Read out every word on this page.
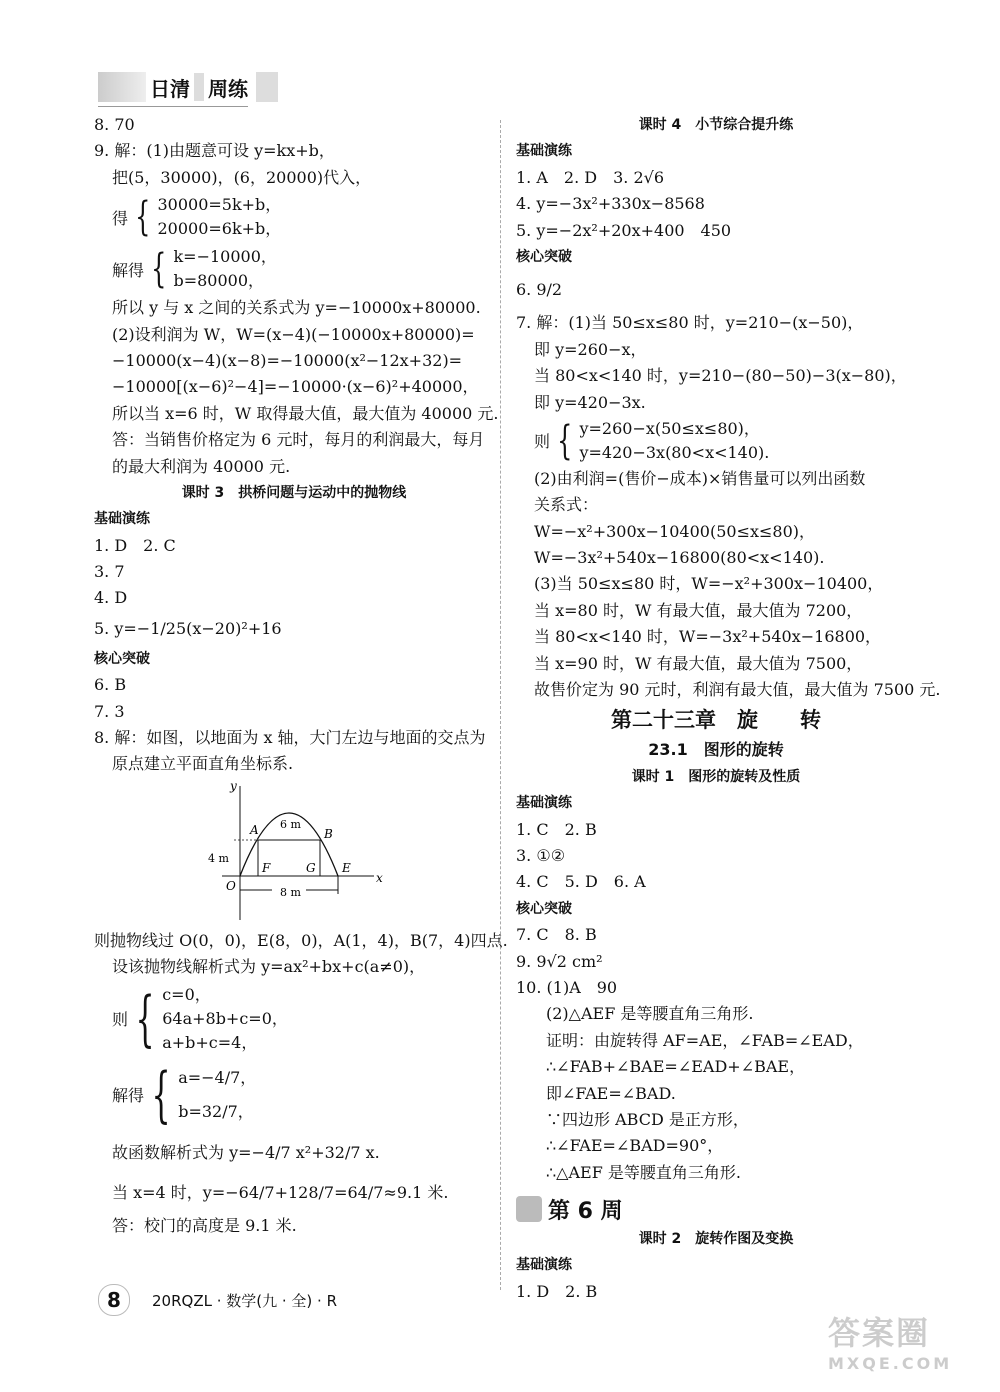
日清 周练
8. 70
9. 解：(1)由题意可设 y=kx+b，
把(5，30000)，(6，20000)代入，
得 { 30000=5k+b，
20000=6k+b，
解得 { k=−10000，
b=80000，
所以 y 与 x 之间的关系式为 y=−10000x+80000.
(2)设利润为 W，W=(x−4)(−10000x+80000)=
−10000(x−4)(x−8)=−10000(x²−12x+32)=
−10000[(x−6)²−4]=−10000·(x−6)²+40000，
所以当 x=6 时，W 取得最大值，最大值为 40000 元.
答：当销售价格定为 6 元时，每月的利润最大，每月
的最大利润为 40000 元.
课时 3　拱桥问题与运动中的抛物线
基础演练
1. D　2. C
3. 7
4. D
5. y=−1/25(x−20)²+16
核心突破
6. B
7. 3
8. 解：如图，以地面为 x 轴，大门左边与地面的交点为
原点建立平面直角坐标系.
y
x
O
A	B
F	G E
6 m
4 m
8 m
则抛物线过 O(0，0)，E(8，0)，A(1，4)，B(7，4)四点.
设该抛物线解析式为 y=ax²+bx+c(a≠0)，
则 { c=0，
64a+8b+c=0，
a+b+c=4，
解得 { a=−4/7，
b=32/7，
故函数解析式为 y=−4/7 x²+32/7 x.
当 x=4 时，y=−64/7+128/7=64/7≈9.1 米.
答：校门的高度是 9.1 米.
课时 4　小节综合提升练
基础演练
1. A　2. D　3. 2√6
4. y=−3x²+330x−8568
5. y=−2x²+20x+400　450
核心突破
6. 9/2
7. 解：(1)当 50≤x≤80 时，y=210−(x−50)，
即 y=260−x，
当 80<x<140 时，y=210−(80−50)−3(x−80)，
即 y=420−3x.
则 { y=260−x(50≤x≤80)，
y=420−3x(80<x<140).
(2)由利润=(售价−成本)×销售量可以列出函数
关系式：
W=−x²+300x−10400(50≤x≤80)，
W=−3x²+540x−16800(80<x<140).
(3)当 50≤x≤80 时，W=−x²+300x−10400，
当 x=80 时，W 有最大值，最大值为 7200，
当 80<x<140 时，W=−3x²+540x−16800，
当 x=90 时，W 有最大值，最大值为 7500，
故售价定为 90 元时，利润有最大值，最大值为 7500 元.
第二十三章　旋　　转
23.1　图形的旋转
课时 1　图形的旋转及性质
基础演练
1. C　2. B
3. ①②
4. C　5. D　6. A
核心突破
7. C　8. B
9. 9√2 cm²
10. (1)A　90
(2)△AEF 是等腰直角三角形.
证明：由旋转得 AF=AE，∠FAB=∠EAD，
∴∠FAB+∠BAE=∠EAD+∠BAE，
即∠FAE=∠BAD.
∵四边形 ABCD 是正方形，
∴∠FAE=∠BAD=90°，
∴△AEF 是等腰直角三角形.
第 6 周
课时 2　旋转作图及变换
基础演练
1. D　2. B
8	20RQZL · 数学(九 · 全) · R
答案圈
MXQE.COM
